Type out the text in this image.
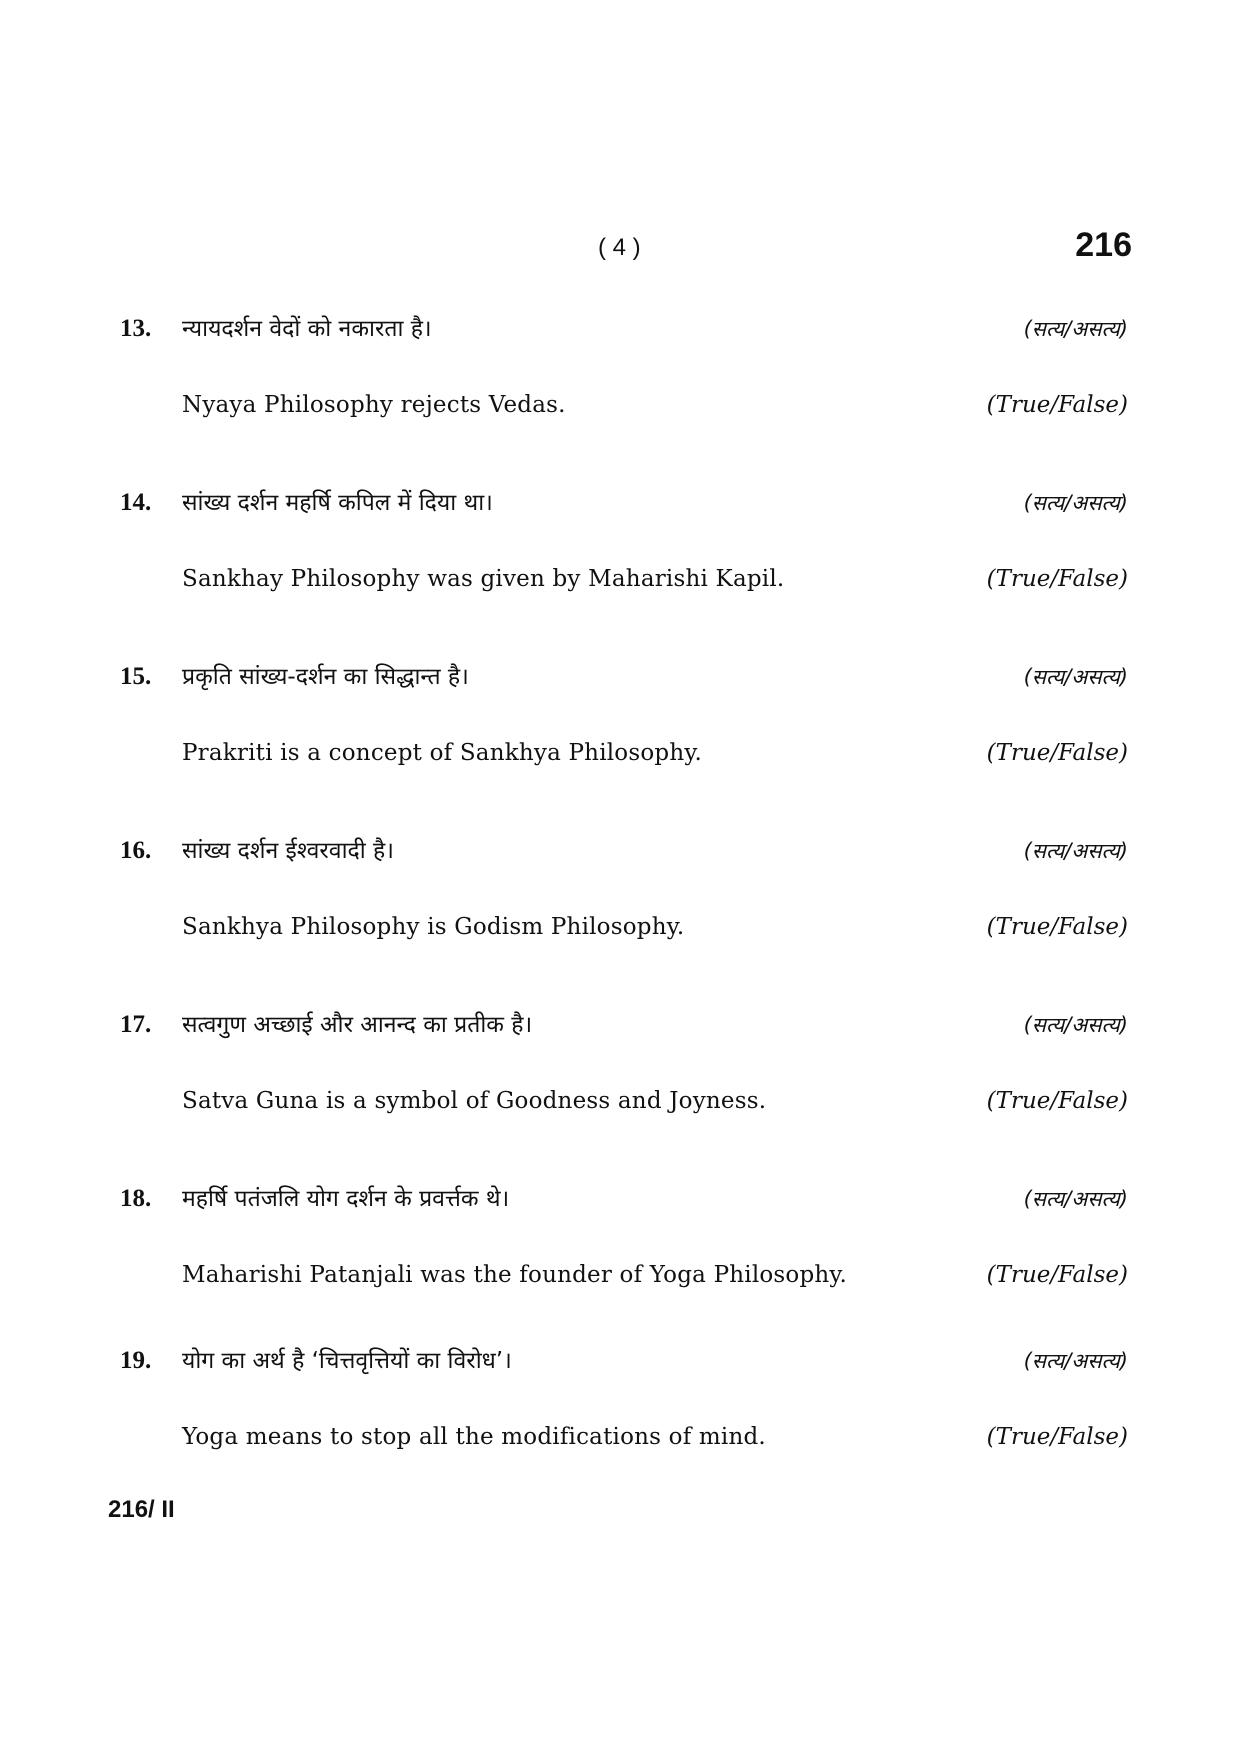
( 4 )	216
13. न्यायदर्शन वेदों को नकारता है।	(सत्य/असत्य)
Nyaya Philosophy rejects Vedas.	(True/False)
14. सांख्य दर्शन महर्षि कपिल में दिया था।	(सत्य/असत्य)
Sankhay Philosophy was given by Maharishi Kapil.	(True/False)
15. प्रकृति सांख्य-दर्शन का सिद्धान्त है।	(सत्य/असत्य)
Prakriti is a concept of Sankhya Philosophy.	(True/False)
16. सांख्य दर्शन ईश्वरवादी है।	(सत्य/असत्य)
Sankhya Philosophy is Godism Philosophy.	(True/False)
17. सत्वगुण अच्छाई और आनन्द का प्रतीक है।	(सत्य/असत्य)
Satva Guna is a symbol of Goodness and Joyness.	(True/False)
18. महर्षि पतंजलि योग दर्शन के प्रवर्त्तक थे।	(सत्य/असत्य)
Maharishi Patanjali was the founder of Yoga Philosophy.	(True/False)
19. योग का अर्थ है ‘चित्तवृत्तियों का विरोध’।	(सत्य/असत्य)
Yoga means to stop all the modifications of mind.	(True/False)
216/ II
